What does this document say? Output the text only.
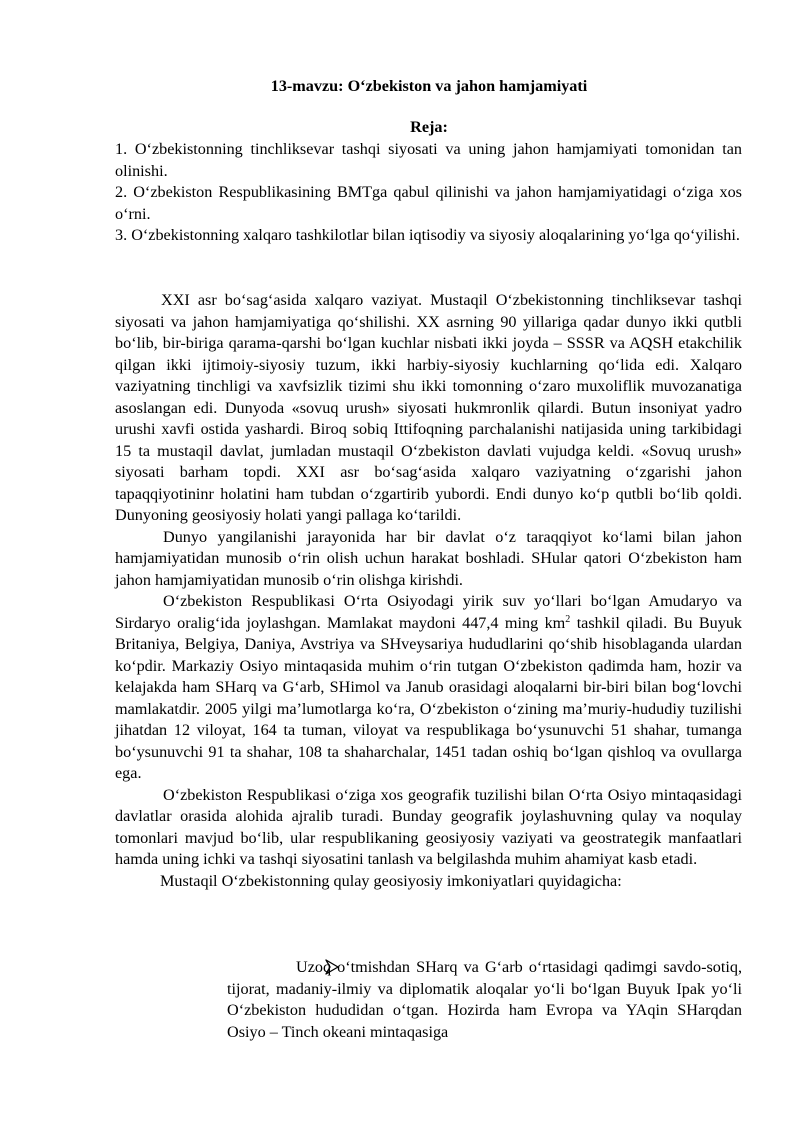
13-mavzu: O‘zbekiston va jahon hamjamiyati
Reja:

1. O‘zbekistonning tinchliksevar tashqi siyosati va uning jahon hamjamiyati tomonidan tan olinishi.

2. O‘zbekiston Respublikasining BMTga qabul qilinishi va jahon hamjamiyatidagi o‘ziga xos o‘rni.

3. O‘zbekistonning xalqaro tashkilotlar bilan iqtisodiy va siyosiy aloqalarining yo‘lga qo‘yilishi.

XXI asr bo‘sag‘asida xalqaro vaziyat. Mustaqil O‘zbekistonning tinchliksevar tashqi siyosati va jahon hamjamiyatiga qo‘shilishi. XX asrning 90 yillariga qadar dunyo ikki qutbli bo‘lib, bir-biriga qarama-qarshi bo‘lgan kuchlar nisbati ikki joyda – SSSR va AQSH etakchilik qilgan ikki ijtimoiy-siyosiy tuzum, ikki harbiy-siyosiy kuchlarning qo‘lida edi. Xalqaro vaziyatning tinchligi va xavfsizlik tizimi shu ikki tomonning o‘zaro muxoliflik muvozanatiga asoslangan edi. Dunyoda «sovuq urush» siyosati hukmronlik qilardi. Butun insoniyat yadro urushi xavfi ostida yashardi. Biroq sobiq Ittifoqning parchalanishi natijasida uning tarkibidagi 15 ta mustaqil davlat, jumladan mustaqil O‘zbekiston davlati vujudga keldi. «Sovuq urush» siyosati barham topdi. XXI asr bo‘sag‘asida xalqaro vaziyatning o‘zgarishi jahon tapaqqiyotininr holatini ham tubdan o‘zgartirib yubordi. Endi dunyo ko‘p qutbli bo‘lib qoldi. Dunyoning geosiyosiy holati yangi pallaga ko‘tarildi.

Dunyo yangilanishi jarayonida har bir davlat o‘z taraqqiyot ko‘lami bilan jahon hamjamiyatidan munosib o‘rin olish uchun harakat boshladi. SHular qatori O‘zbekiston ham jahon hamjamiyatidan munosib o‘rin olishga kirishdi.

O‘zbekiston Respublikasi O‘rta Osiyodagi yirik suv yo‘llari bo‘lgan Amudaryo va Sirdaryo oralig‘ida joylashgan. Mamlakat maydoni 447,4 ming $km^2$ tashkil qiladi. Bu Buyuk Britaniya, Belgiya, Daniya, Avstriya va SHveysariya hududlarini qo‘shib hisoblaganda ulardan ko‘pdir. Markaziy Osiyo mintaqasida muhim o‘rin tutgan O‘zbekiston qadimda ham, hozir va kelajakda ham SHarq va G‘arb, SHimol va Janub orasidagi aloqalarni bir-biri bilan bog‘lovchi mamlakatdir. 2005 yilgi ma’lumotlarga ko‘ra, O‘zbekiston o‘zining ma’muriy-hududiy tuzilishi jihatdan 12 viloyat, 164 ta tuman, viloyat va respublikaga bo‘ysunuvchi 51 shahar, tumanga bo‘ysunuvchi 91 ta shahar, 108 ta shaharchalar, 1451 tadan oshiq bo‘lgan qishloq va ovullarga ega.

O‘zbekiston Respublikasi o‘ziga xos geografik tuzilishi bilan O‘rta Osiyo mintaqasidagi davlatlar orasida alohida ajralib turadi. Bunday geografik joylashuvning qulay va noqulay tomonlari mavjud bo‘lib, ular respublikaning geosiyosiy vaziyati va geostrategik manfaatlari hamda uning ichki va tashqi siyosatini tanlash va belgilashda muhim ahamiyat kasb etadi.

Mustaqil O‘zbekistonning qulay geosiyosiy imkoniyatlari quyidagicha:

Uzoq o‘tmishdan SHarq va G‘arb o‘rtasidagi qadimgi savdo-sotiq, tijorat, madaniy-ilmiy va diplomatik aloqalar yo‘li bo‘lgan Buyuk Ipak yo‘li O‘zbekiston hududidan o‘tgan. Hozirda ham Evropa va YAqin SHarqdan Osiyo – Tinch okeani mintaqasiga
